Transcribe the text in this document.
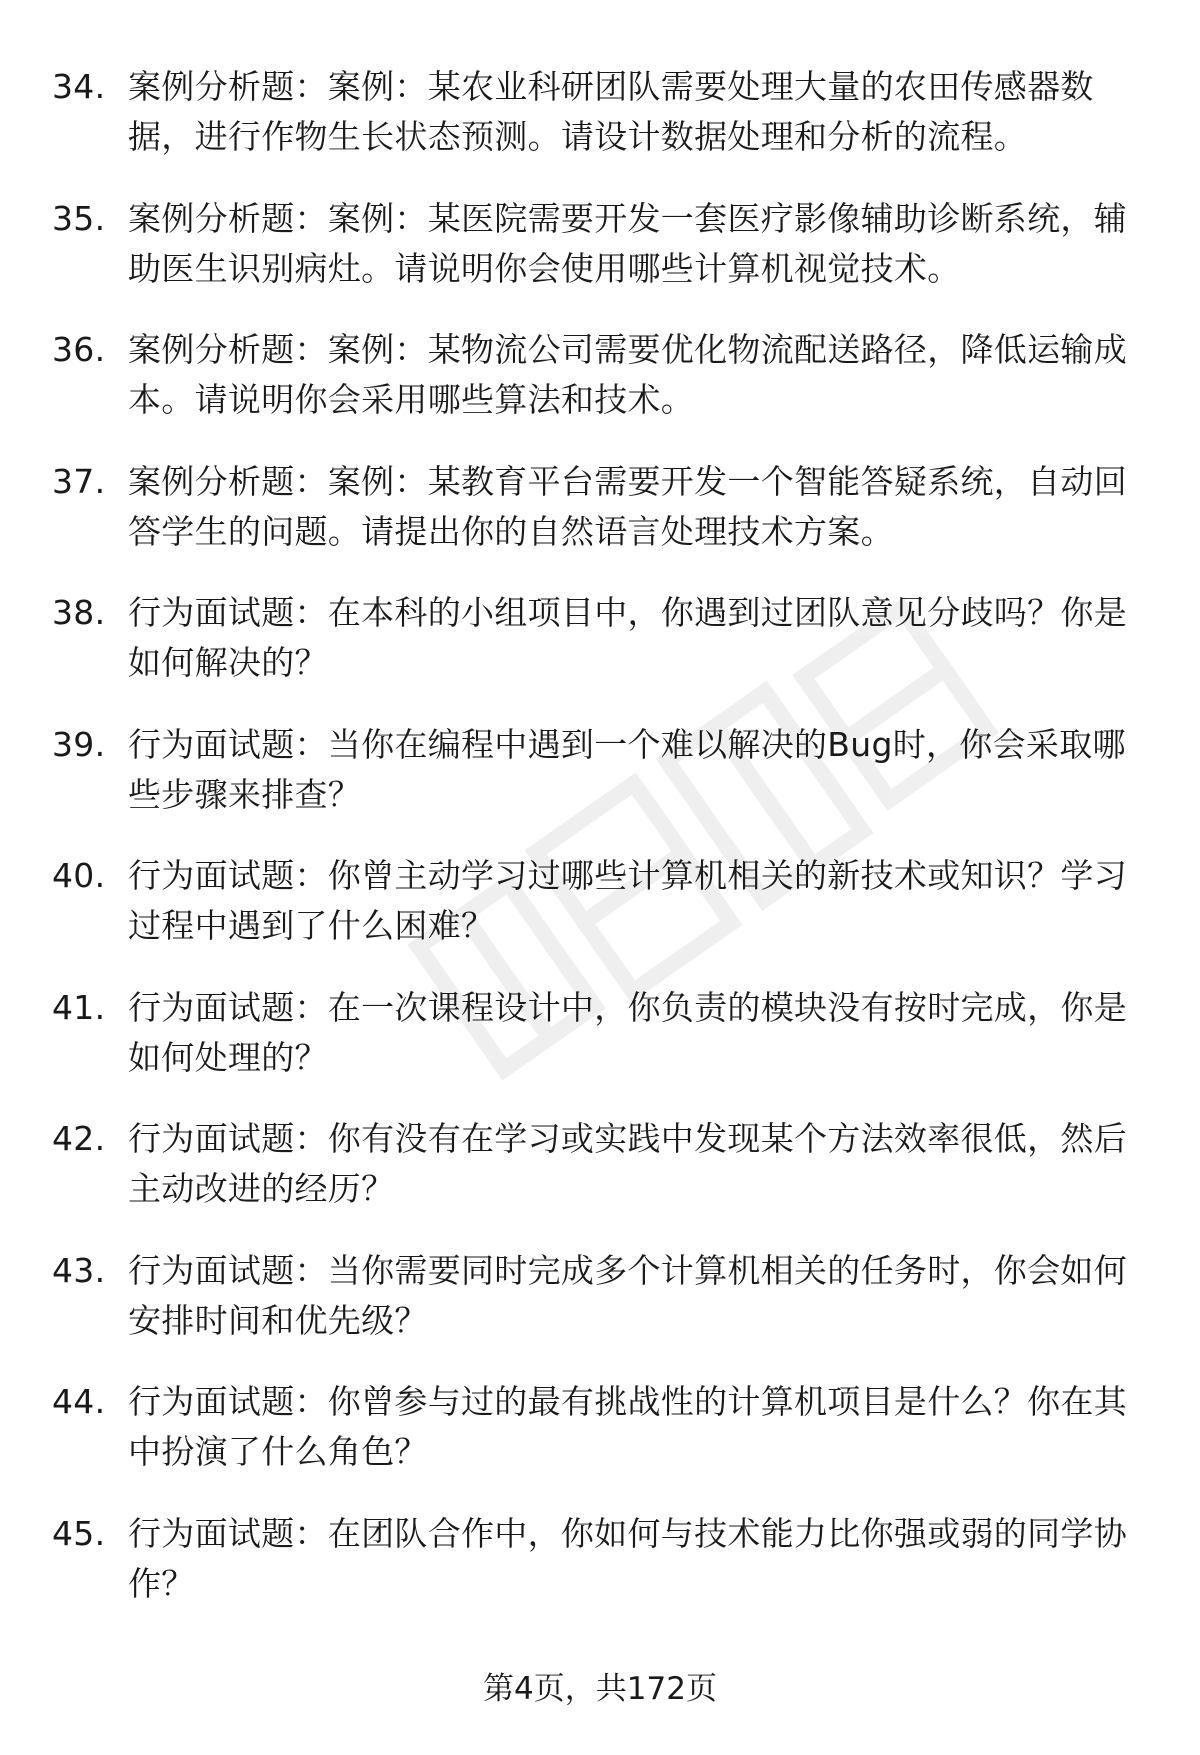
34. 案例分析题：案例：某农业科研团队需要处理大量的农田传感器数据，进行作物生长状态预测。请设计数据处理和分析的流程。
35. 案例分析题：案例：某医院需要开发一套医疗影像辅助诊断系统，辅助医生识别病灶。请说明你会使用哪些计算机视觉技术。
36. 案例分析题：案例：某物流公司需要优化物流配送路径，降低运输成本。请说明你会采用哪些算法和技术。
37. 案例分析题：案例：某教育平台需要开发一个智能答疑系统，自动回答学生的问题。请提出你的自然语言处理技术方案。
38. 行为面试题：在本科的小组项目中，你遇到过团队意见分歧吗？你是如何解决的？
39. 行为面试题：当你在编程中遇到一个难以解决的Bug时，你会采取哪些步骤来排查？
40. 行为面试题：你曾主动学习过哪些计算机相关的新技术或知识？学习过程中遇到了什么困难？
41. 行为面试题：在一次课程设计中，你负责的模块没有按时完成，你是如何处理的？
42. 行为面试题：你有没有在学习或实践中发现某个方法效率很低，然后主动改进的经历？
43. 行为面试题：当你需要同时完成多个计算机相关的任务时，你会如何安排时间和优先级？
44. 行为面试题：你曾参与过的最有挑战性的计算机项目是什么？你在其中扮演了什么角色？
45. 行为面试题：在团队合作中，你如何与技术能力比你强或弱的同学协作？
第4页，共172页
